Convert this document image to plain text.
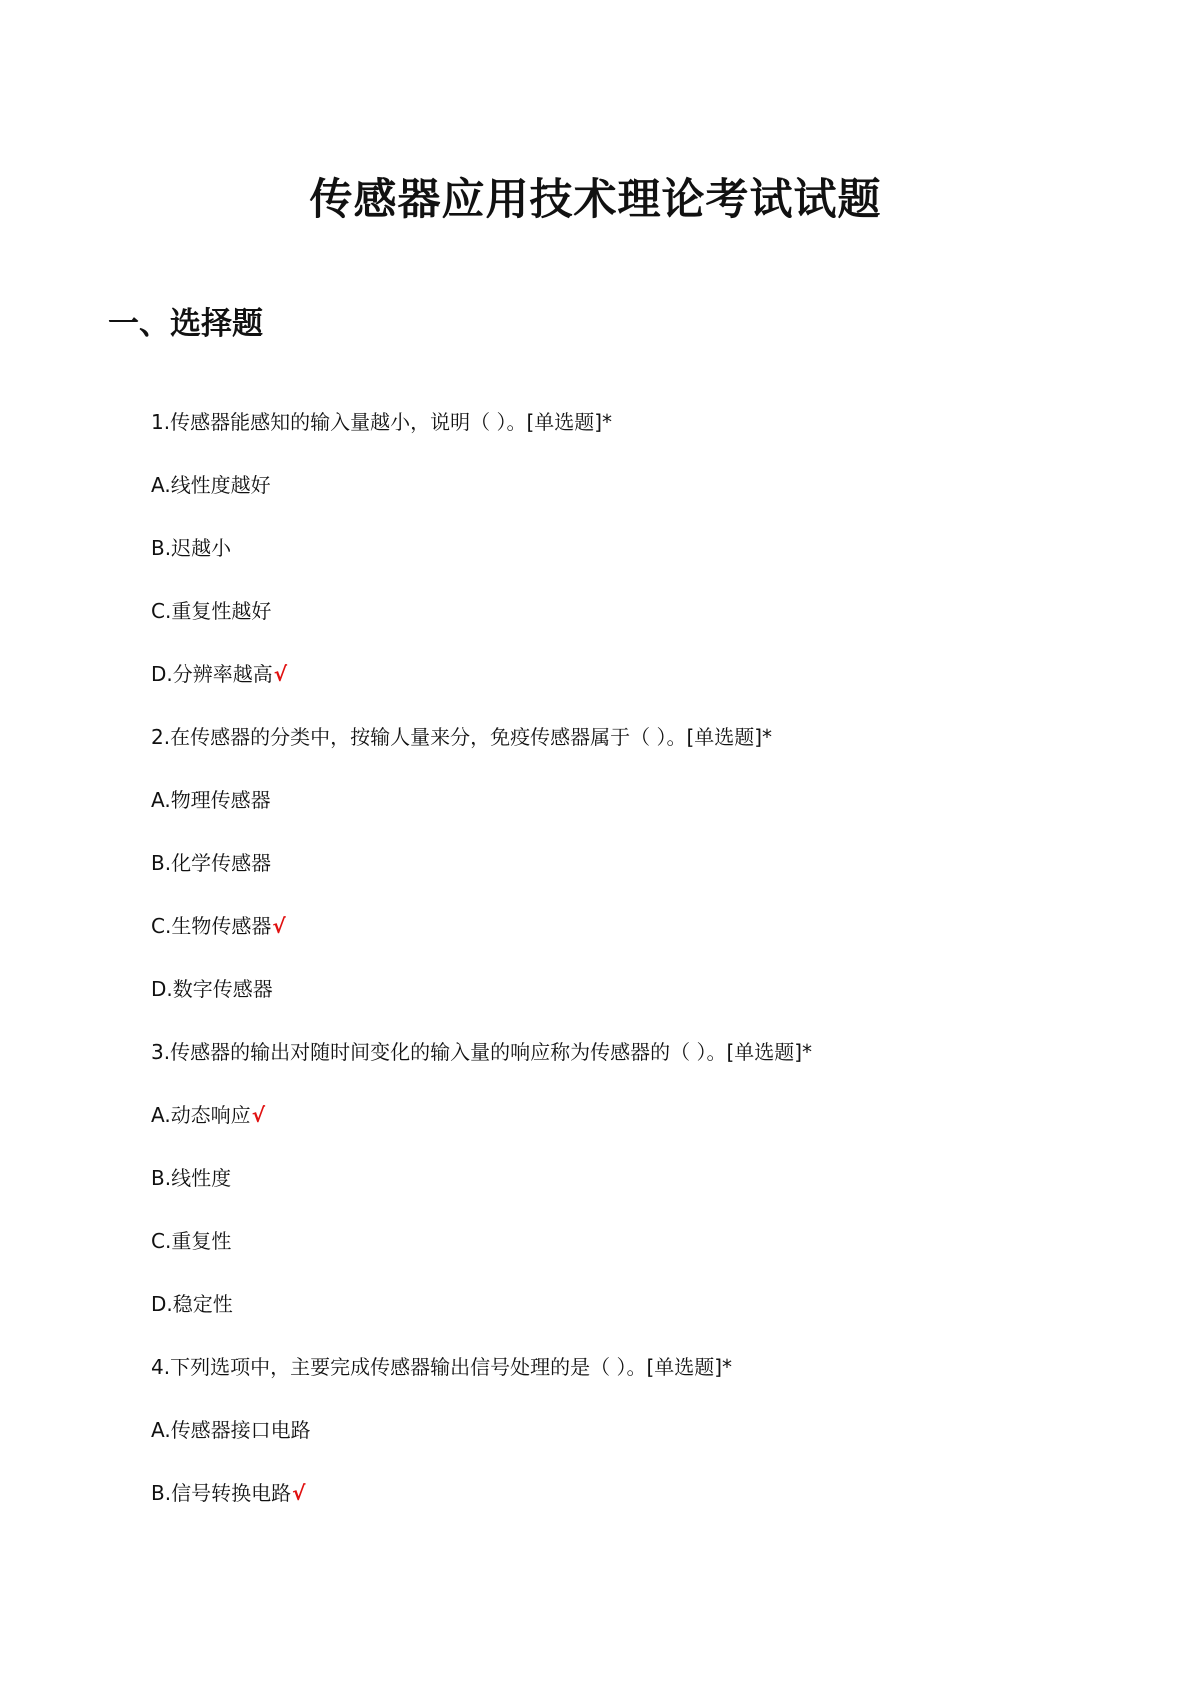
传感器应用技术理论考试试题
一、选择题
1.传感器能感知的输入量越小，说明（ ）。[单选题]*
A.线性度越好
B.迟越小
C.重复性越好
D.分辨率越高√
2.在传感器的分类中，按输人量来分，免疫传感器属于（ ）。[单选题]*
A.物理传感器
B.化学传感器
C.生物传感器√
D.数字传感器
3.传感器的输出对随时间变化的输入量的响应称为传感器的（ ）。[单选题]*
A.动态响应√
B.线性度
C.重复性
D.稳定性
4.下列选项中，主要完成传感器输出信号处理的是（ ）。[单选题]*
A.传感器接口电路
B.信号转换电路√
